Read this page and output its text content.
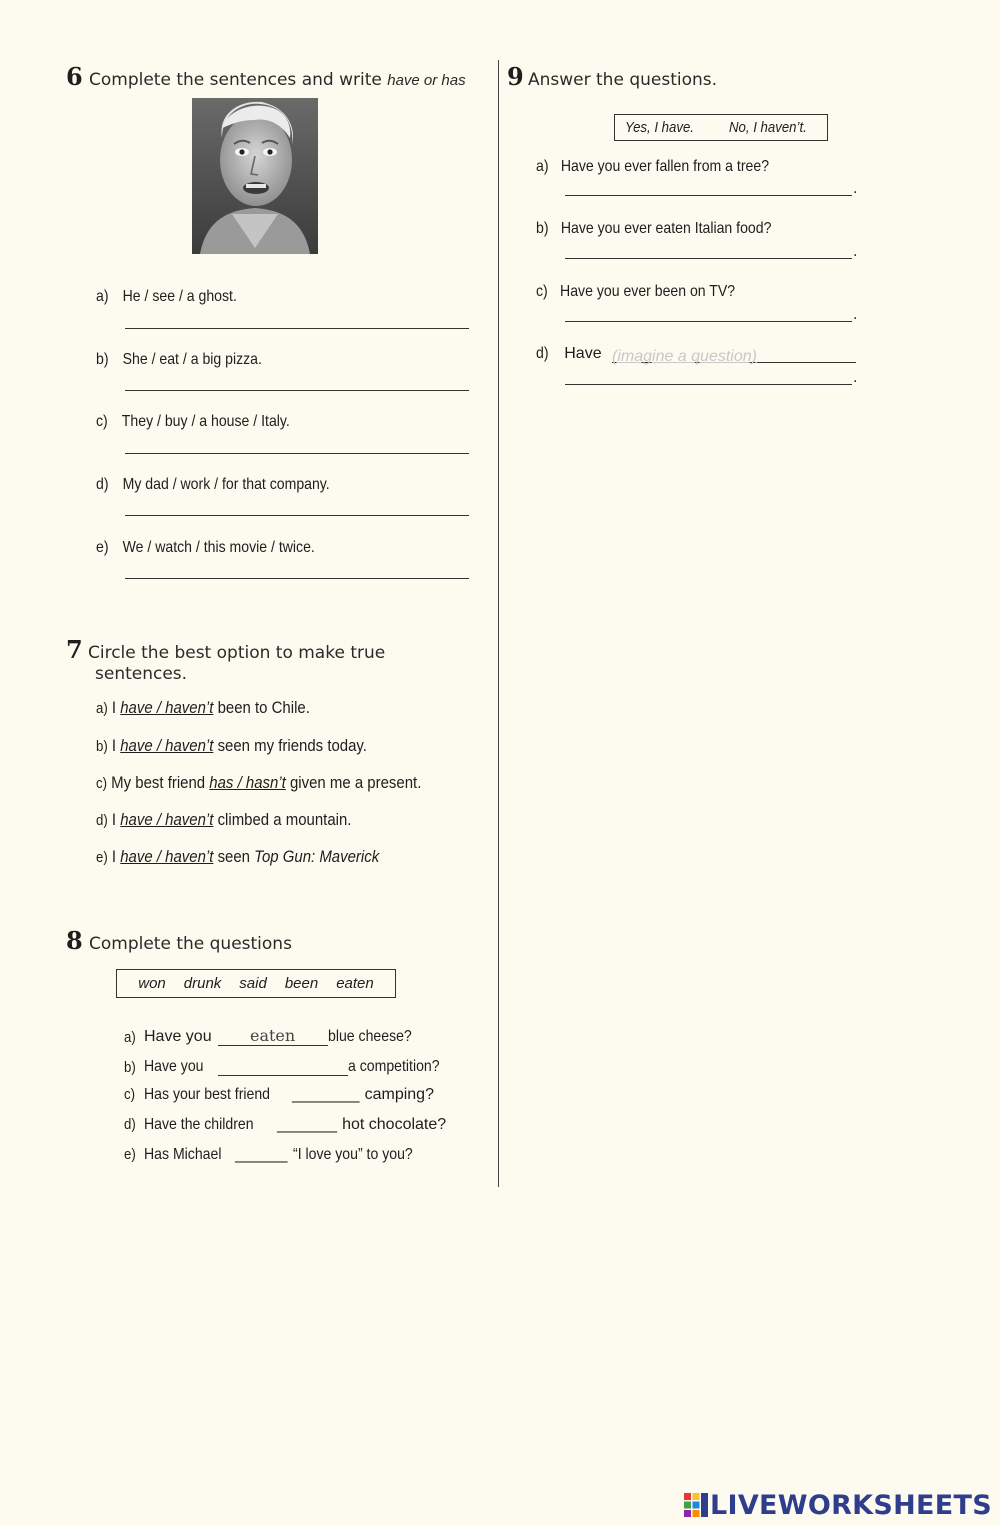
6 Complete the sentences and write have or has
a) He / see / a ghost.
b) She / eat / a big pizza.
c) They / buy / a house / Italy.
d) My dad / work / for that company.
e) We / watch / this movie / twice.
7 Circle the best option to make true
sentences.
a) I have / haven’t been to Chile.
b) I have / haven’t seen my friends today.
c) My best friend has / hasn’t given me a present.
d) I have / haven’t climbed a mountain.
e) I have / haven’t seen Top Gun: Maverick
8 Complete the questions
won drunk said been eaten
a) Have you	eaten	blue cheese?
b) Have you	a competition?
c) Has your best friend _________ camping?
d) Have the children ________ hot chocolate?
e) Has Michael _______ “I love you” to you?
9 Answer the questions.
Yes, I have. No, I haven’t.
a) Have you ever fallen from a tree?
.
b) Have you ever eaten Italian food?
.
c) Have you ever been on TV?
.
d) Have (imagine a question)
.
LIVEWORKSHEETS
